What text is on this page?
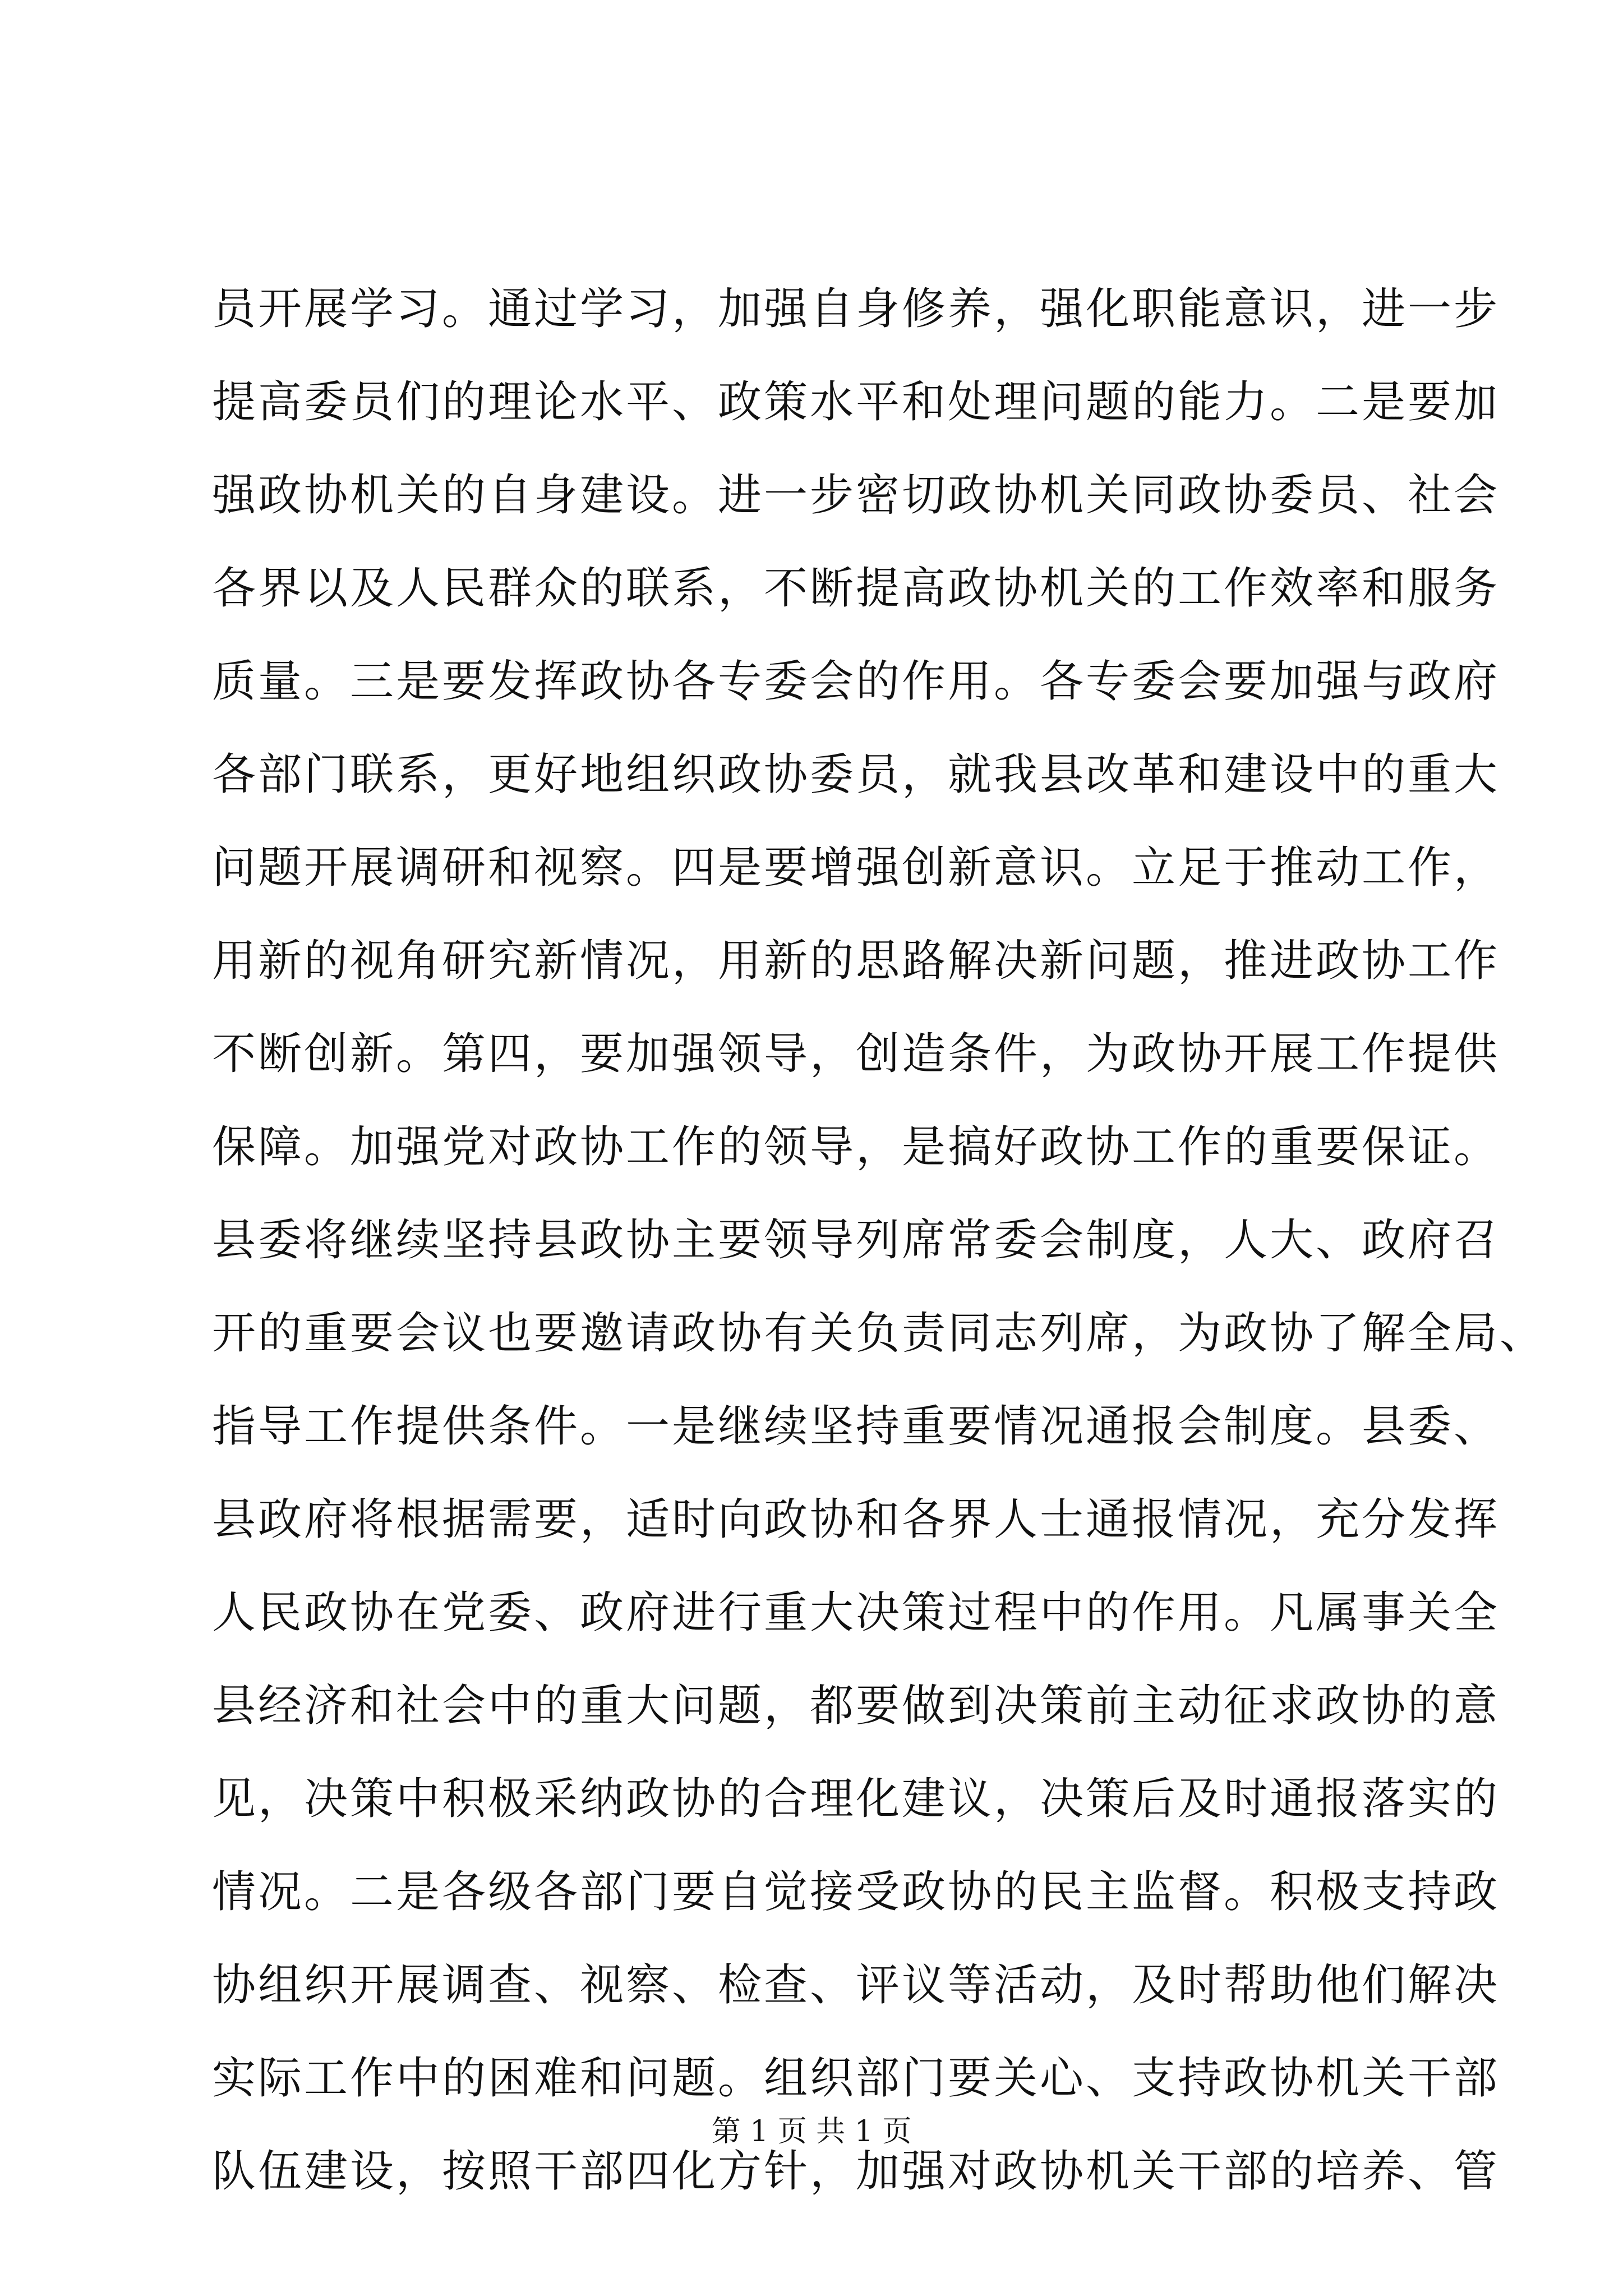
员开展学习。通过学习，加强自身修养，强化职能意识，进一步
提高委员们的理论水平、政策水平和处理问题的能力。二是要加
强政协机关的自身建设。进一步密切政协机关同政协委员、社会
各界以及人民群众的联系，不断提高政协机关的工作效率和服务
质量。三是要发挥政协各专委会的作用。各专委会要加强与政府
各部门联系，更好地组织政协委员，就我县改革和建设中的重大
问题开展调研和视察。四是要增强创新意识。立足于推动工作，
用新的视角研究新情况，用新的思路解决新问题，推进政协工作
不断创新。第四，要加强领导，创造条件，为政协开展工作提供
保障。加强党对政协工作的领导，是搞好政协工作的重要保证。
县委将继续坚持县政协主要领导列席常委会制度，人大、政府召
开的重要会议也要邀请政协有关负责同志列席，为政协了解全局、
指导工作提供条件。一是继续坚持重要情况通报会制度。县委、
县政府将根据需要，适时向政协和各界人士通报情况，充分发挥
人民政协在党委、政府进行重大决策过程中的作用。凡属事关全
县经济和社会中的重大问题，都要做到决策前主动征求政协的意
见，决策中积极采纳政协的合理化建议，决策后及时通报落实的
情况。二是各级各部门要自觉接受政协的民主监督。积极支持政
协组织开展调查、视察、检查、评议等活动，及时帮助他们解决
实际工作中的困难和问题。组织部门要关心、支持政协机关干部
队伍建设，按照干部四化方针，加强对政协机关干部的培养、管
第 1 页 共 1 页
